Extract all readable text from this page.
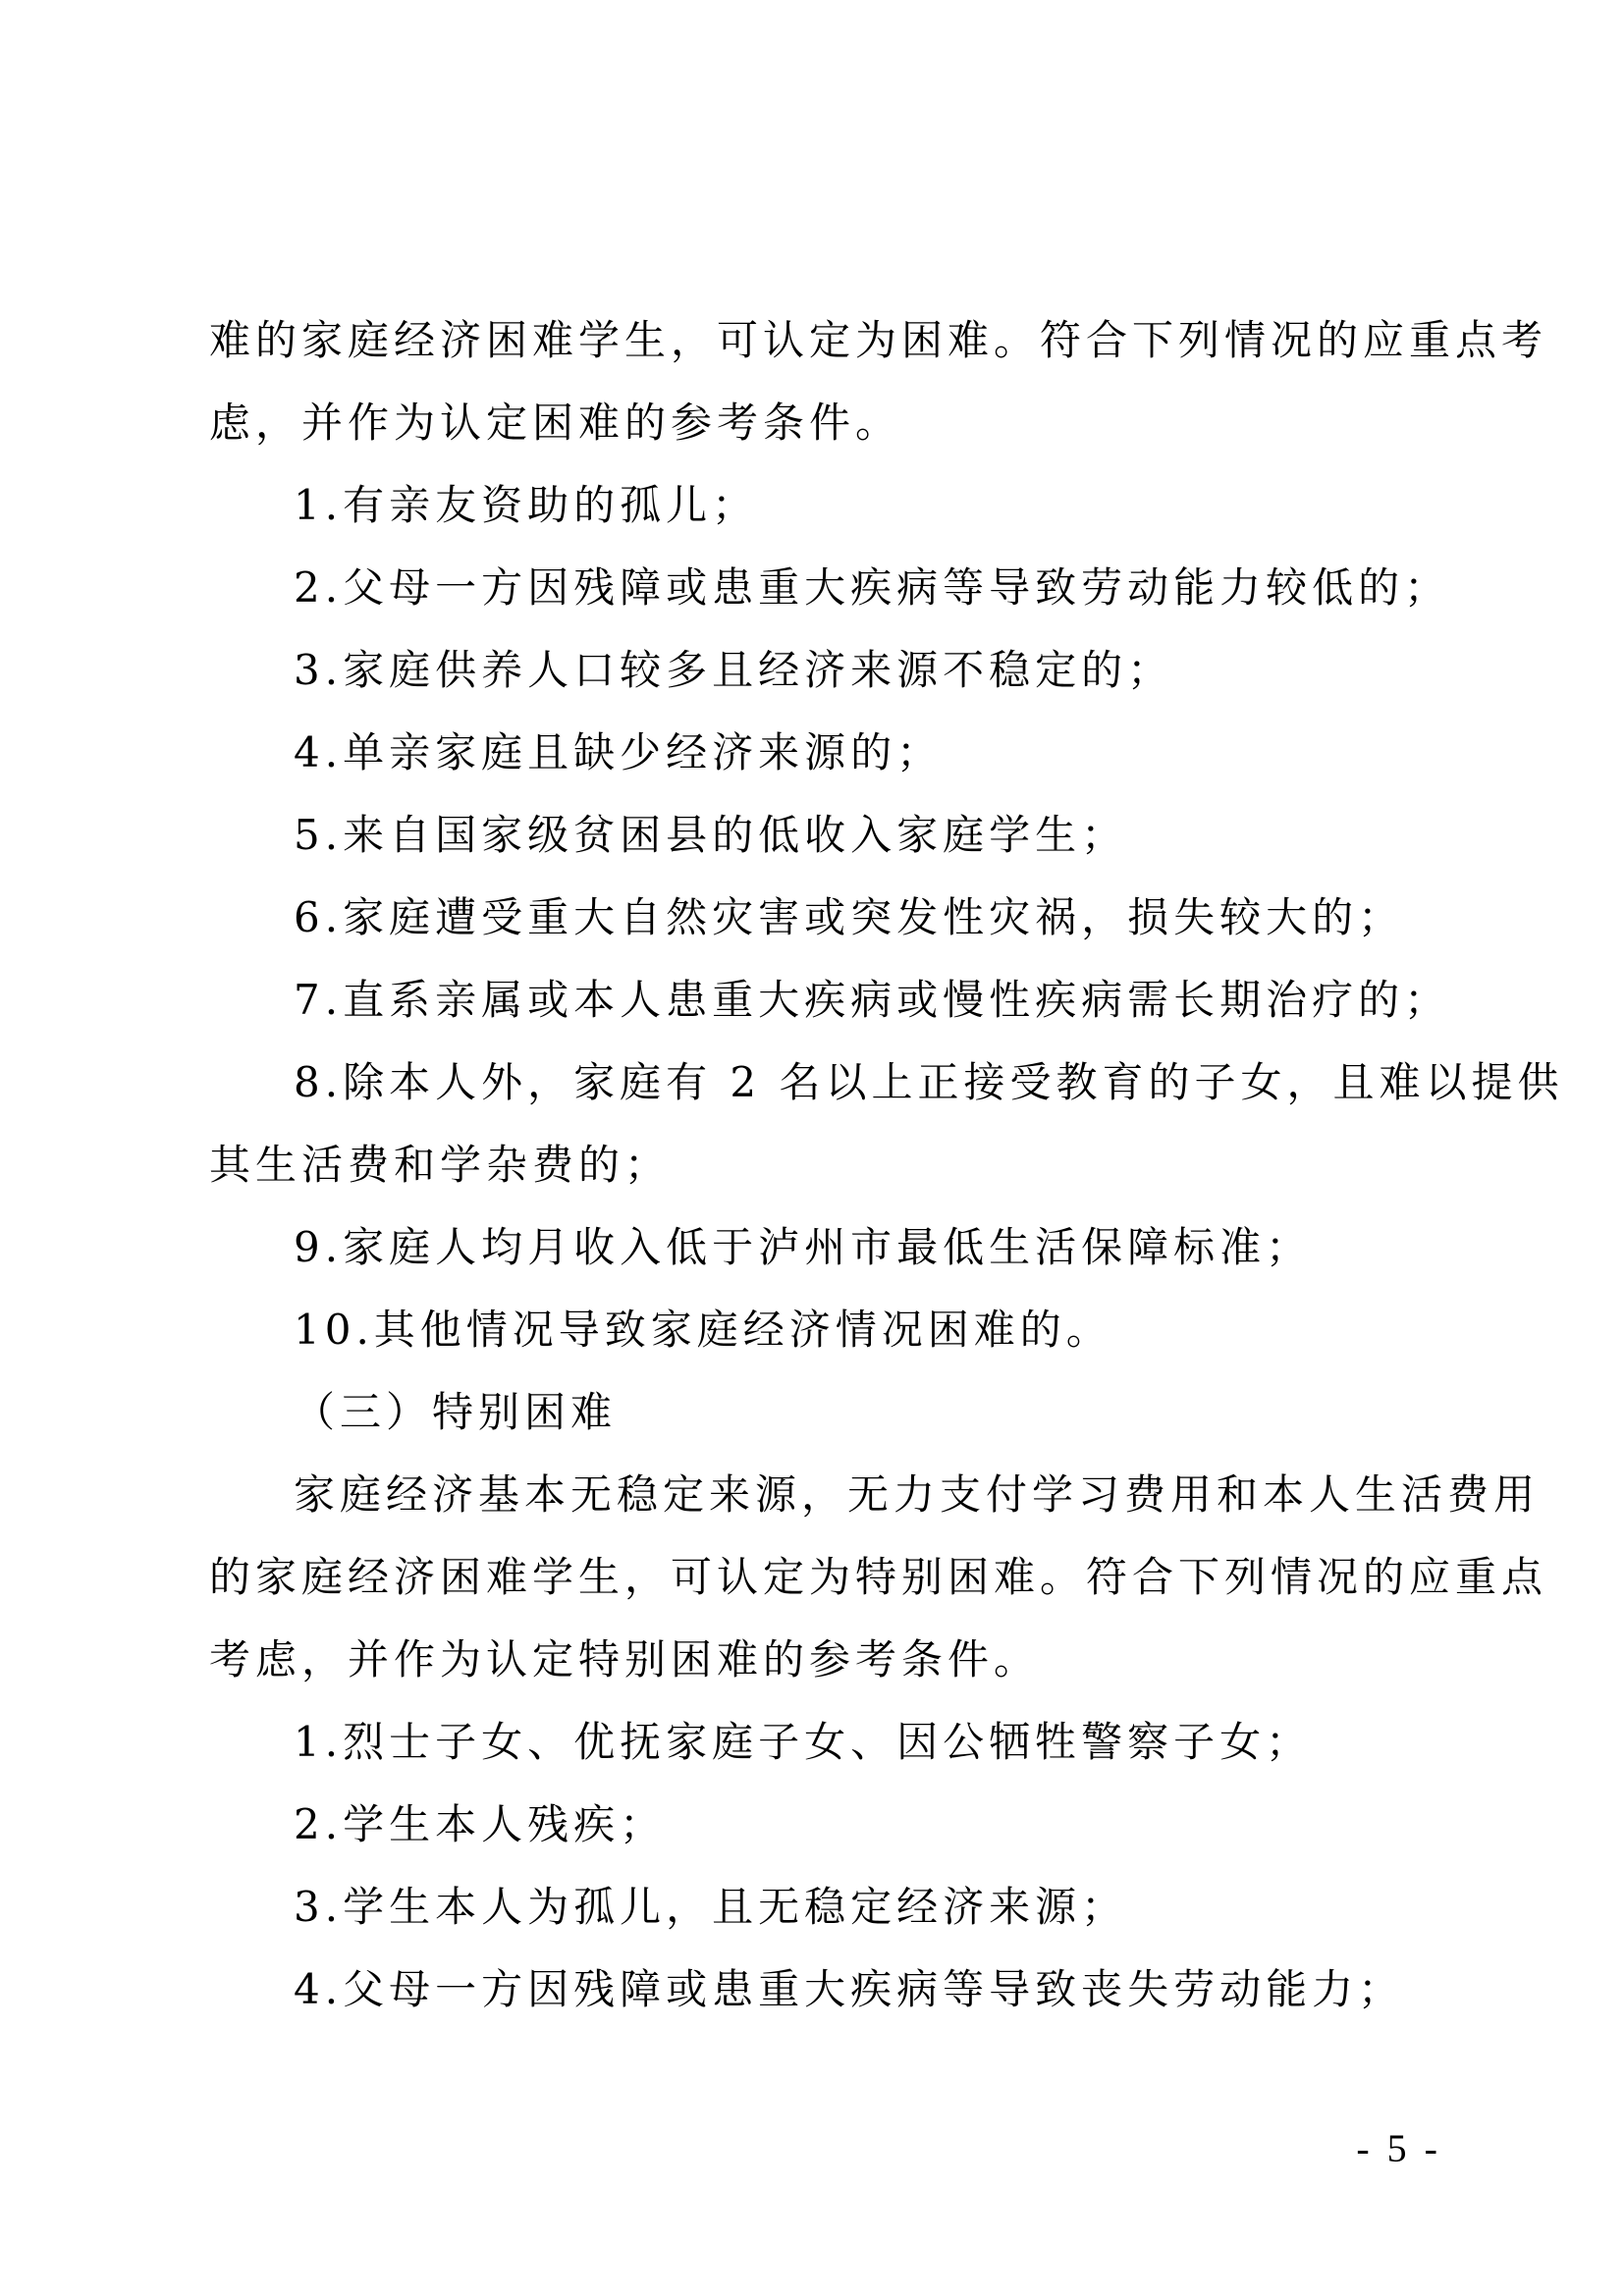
难的家庭经济困难学生，可认定为困难。符合下列情况的应重点考
虑，并作为认定困难的参考条件。
1.有亲友资助的孤儿；
2.父母一方因残障或患重大疾病等导致劳动能力较低的；
3.家庭供养人口较多且经济来源不稳定的；
4.单亲家庭且缺少经济来源的；
5.来自国家级贫困县的低收入家庭学生；
6.家庭遭受重大自然灾害或突发性灾祸，损失较大的；
7.直系亲属或本人患重大疾病或慢性疾病需长期治疗的；
8.除本人外，家庭有 2 名以上正接受教育的子女，且难以提供
其生活费和学杂费的；
9.家庭人均月收入低于泸州市最低生活保障标准；
10.其他情况导致家庭经济情况困难的。
（三）特别困难
家庭经济基本无稳定来源，无力支付学习费用和本人生活费用
的家庭经济困难学生，可认定为特别困难。符合下列情况的应重点
考虑，并作为认定特别困难的参考条件。
1.烈士子女、优抚家庭子女、因公牺牲警察子女；
2.学生本人残疾；
3.学生本人为孤儿，且无稳定经济来源；
4.父母一方因残障或患重大疾病等导致丧失劳动能力；
- 5 -
